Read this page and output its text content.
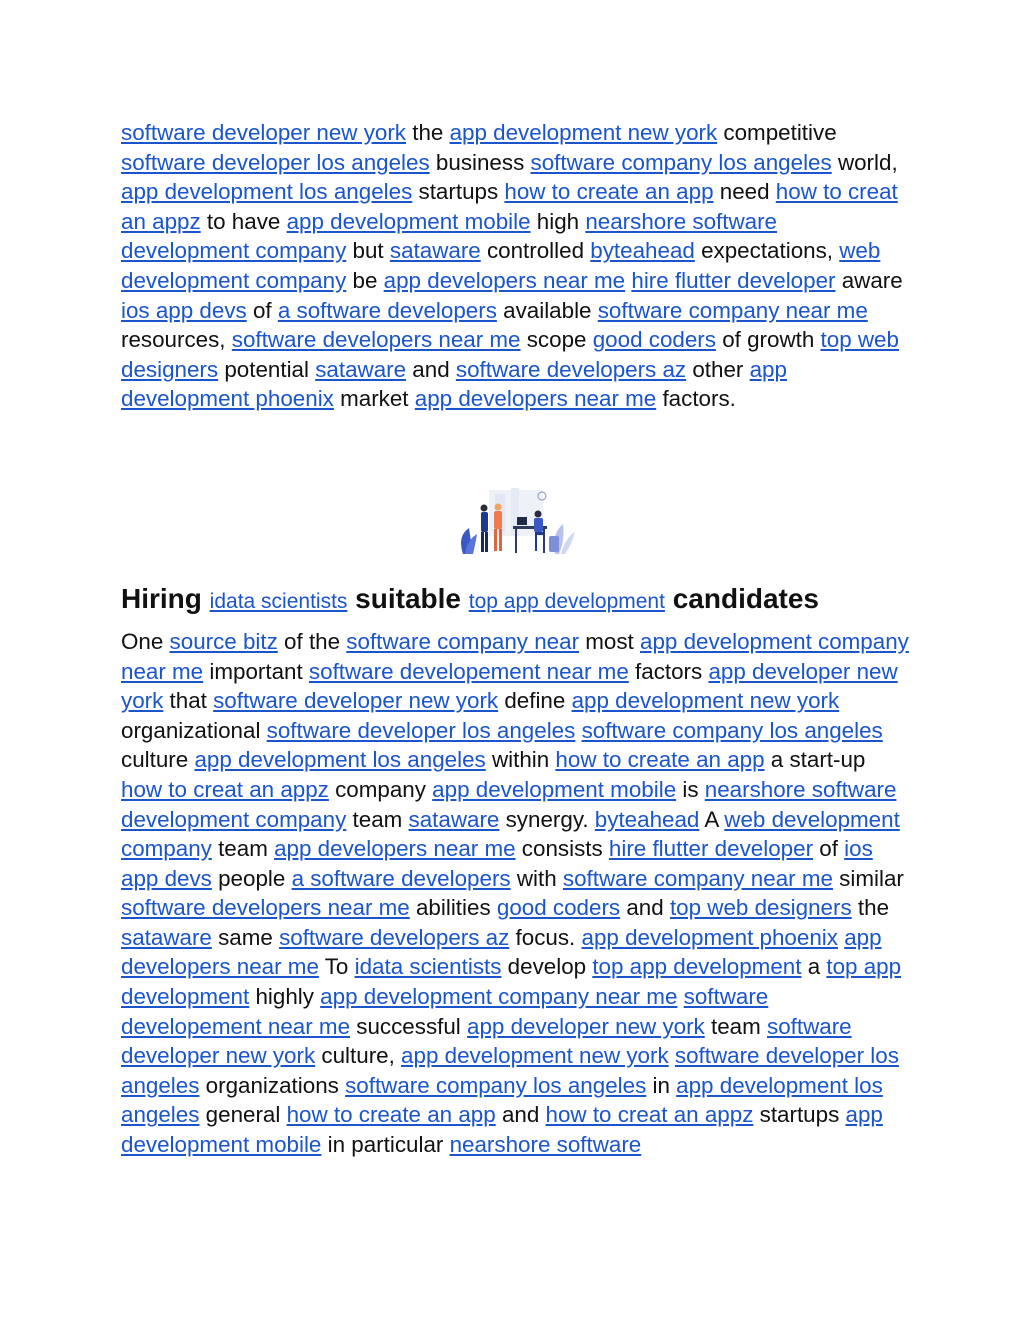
software developer new york the app development new york competitive software developer los angeles business software company los angeles world, app development los angeles startups how to create an app need how to creat an appz to have app development mobile high nearshore software development company but sataware controlled byteahead expectations, web development company be app developers near me hire flutter developer aware ios app devs of a software developers available software company near me resources, software developers near me scope good coders of growth top web designers potential sataware and software developers az other app development phoenix market app developers near me factors.

Hiring idata scientists suitable top app development candidates

One source bitz of the software company near most app development company near me important software developement near me factors app developer new york that software developer new york define app development new york organizational software developer los angeles software company los angeles culture app development los angeles within how to create an app a start-up how to creat an appz company app development mobile is nearshore software development company team sataware synergy. byteahead A web development company team app developers near me consists hire flutter developer of ios app devs people a software developers with software company near me similar software developers near me abilities good coders and top web designers the sataware same software developers az focus. app development phoenix app developers near me To idata scientists develop top app development a top app development highly app development company near me software developement near me successful app developer new york team software developer new york culture, app development new york software developer los angeles organizations software company los angeles in app development los angeles general how to create an app and how to creat an appz startups app development mobile in particular nearshore software
